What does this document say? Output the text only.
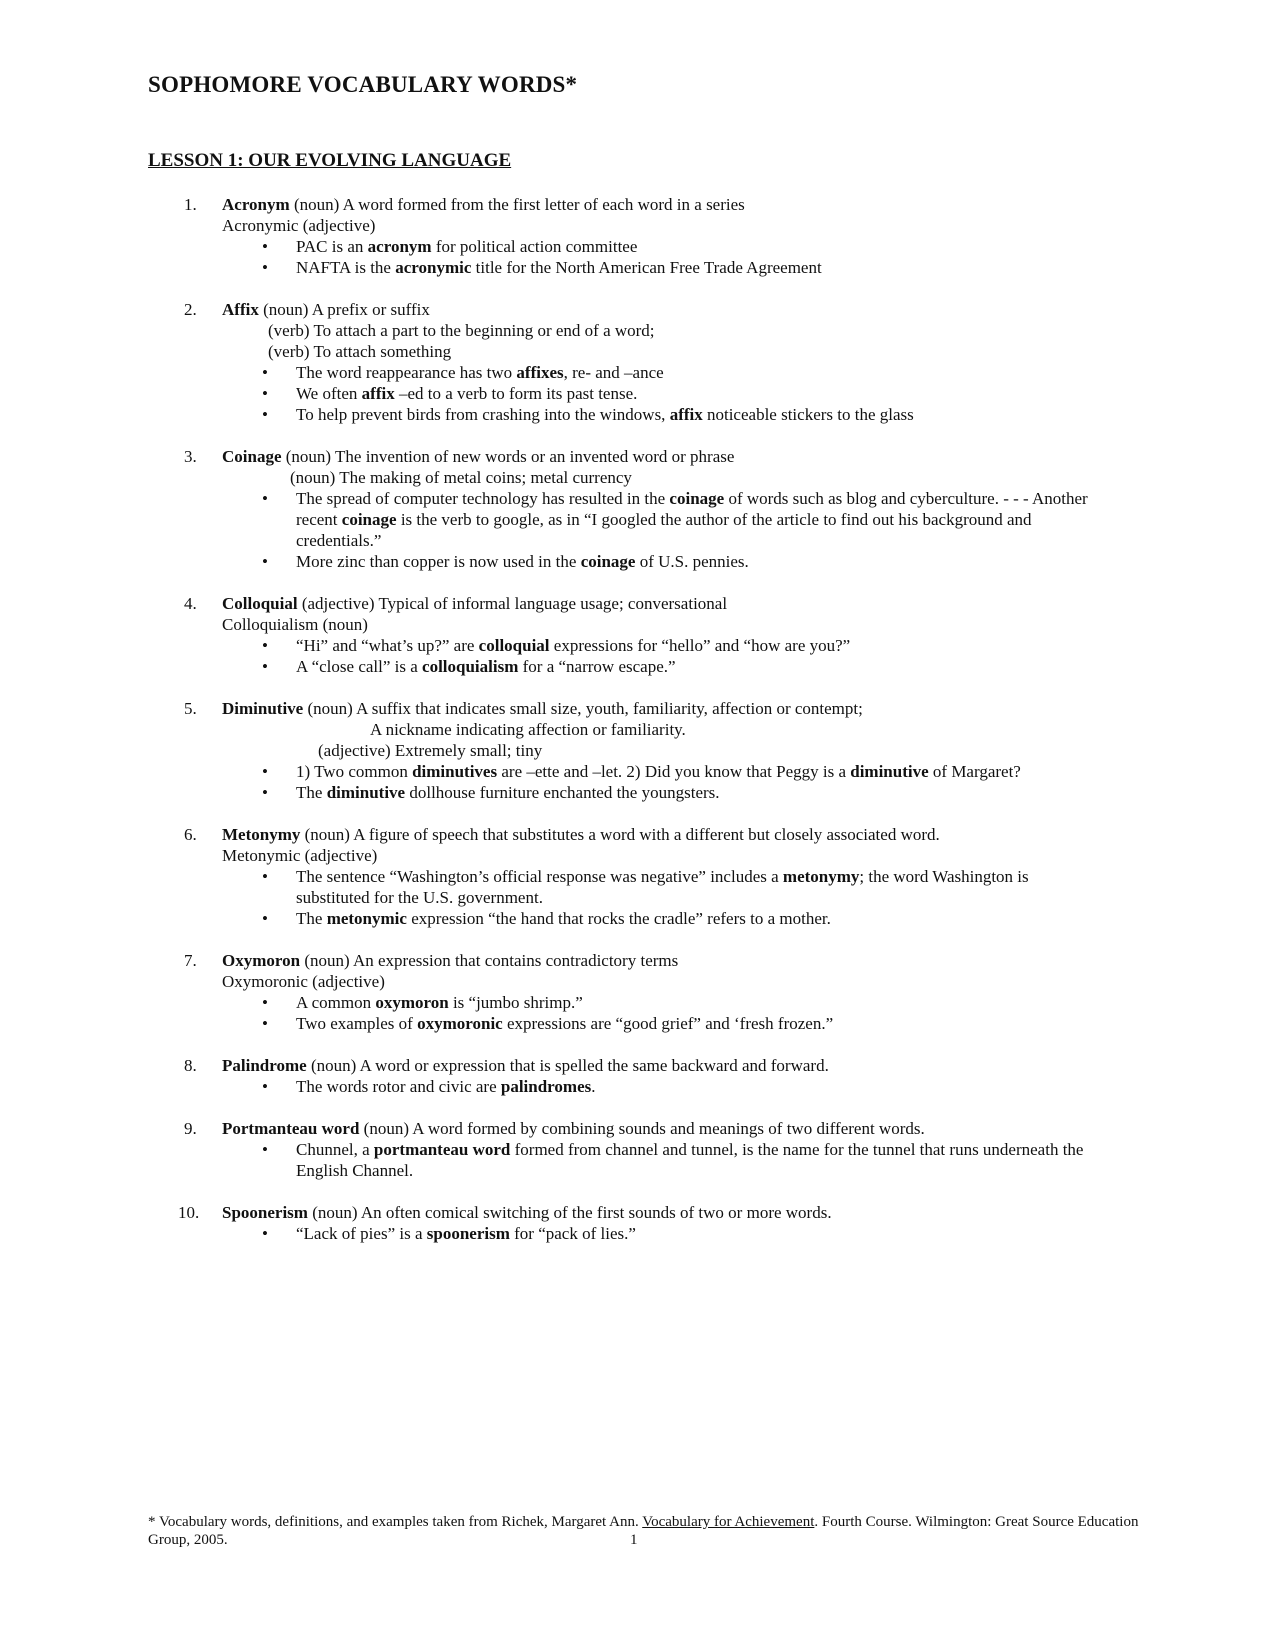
SOPHOMORE VOCABULARY WORDS*
LESSON 1: OUR EVOLVING LANGUAGE
1. Acronym (noun) A word formed from the first letter of each word in a series
Acronymic (adjective)
• PAC is an acronym for political action committee
• NAFTA is the acronymic title for the North American Free Trade Agreement
2. Affix (noun) A prefix or suffix
(verb) To attach a part to the beginning or end of a word;
(verb) To attach something
• The word reappearance has two affixes, re- and –ance
• We often affix –ed to a verb to form its past tense.
• To help prevent birds from crashing into the windows, affix noticeable stickers to the glass
3. Coinage (noun) The invention of new words or an invented word or phrase
(noun) The making of metal coins; metal currency
• The spread of computer technology has resulted in the coinage of words such as blog and cyberculture. - - - Another recent coinage is the verb to google, as in “I googled the author of the article to find out his background and credentials.”
• More zinc than copper is now used in the coinage of U.S. pennies.
4. Colloquial (adjective) Typical of informal language usage; conversational
Colloquialism (noun)
• “Hi” and “what’s up?” are colloquial expressions for “hello” and “how are you?”
• A “close call” is a colloquialism for a “narrow escape.”
5. Diminutive (noun) A suffix that indicates small size, youth, familiarity, affection or contempt;
A nickname indicating affection or familiarity.
(adjective) Extremely small; tiny
• 1) Two common diminutives are –ette and –let. 2) Did you know that Peggy is a diminutive of Margaret?
• The diminutive dollhouse furniture enchanted the youngsters.
6. Metonymy (noun) A figure of speech that substitutes a word with a different but closely associated word.
Metonymic (adjective)
• The sentence “Washington’s official response was negative” includes a metonymy; the word Washington is substituted for the U.S. government.
• The metonymic expression “the hand that rocks the cradle” refers to a mother.
7. Oxymoron (noun) An expression that contains contradictory terms
Oxymoronic (adjective)
• A common oxymoron is “jumbo shrimp.”
• Two examples of oxymoronic expressions are “good grief” and ‘fresh frozen.”
8. Palindrome (noun) A word or expression that is spelled the same backward and forward.
• The words rotor and civic are palindromes.
9. Portmanteau word (noun) A word formed by combining sounds and meanings of two different words.
• Chunnel, a portmanteau word formed from channel and tunnel, is the name for the tunnel that runs underneath the English Channel.
10. Spoonerism (noun) An often comical switching of the first sounds of two or more words.
• “Lack of pies” is a spoonerism for “pack of lies.”
* Vocabulary words, definitions, and examples taken from Richek, Margaret Ann. Vocabulary for Achievement. Fourth Course. Wilmington: Great Source Education Group, 2005.	1
